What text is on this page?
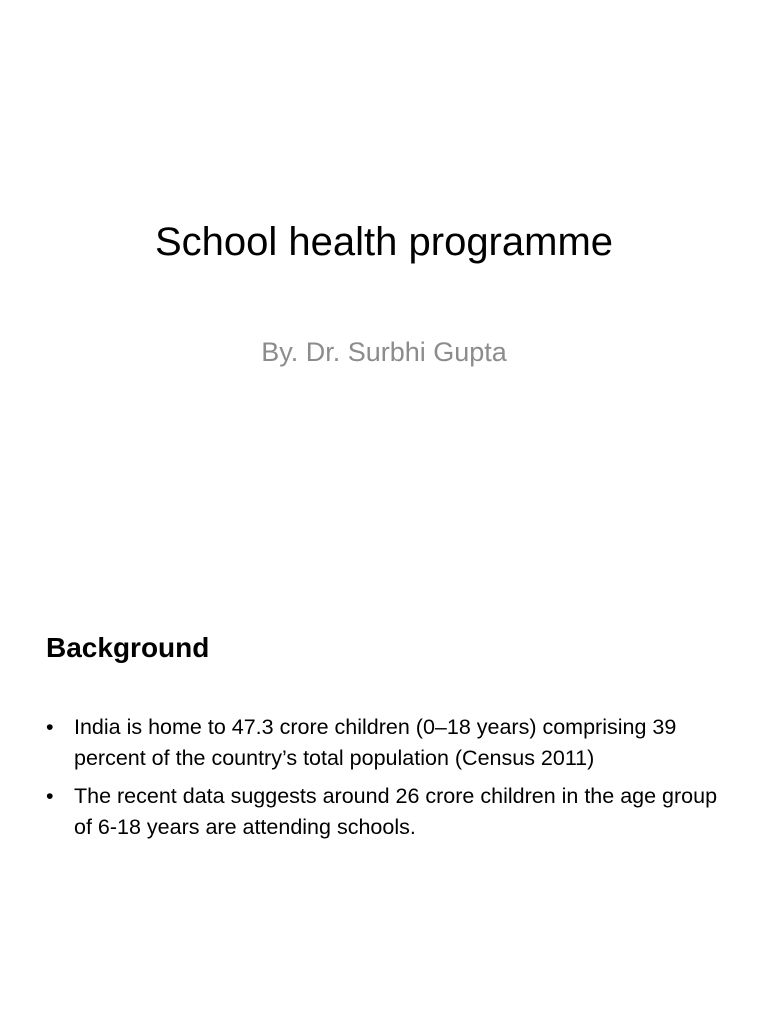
School health programme
By. Dr. Surbhi Gupta
Background
• India is home to 47.3 crore children (0–18 years) comprising 39 percent of the country’s total population (Census 2011)
• The recent data suggests around 26 crore children in the age group of 6-18 years are attending schools.
